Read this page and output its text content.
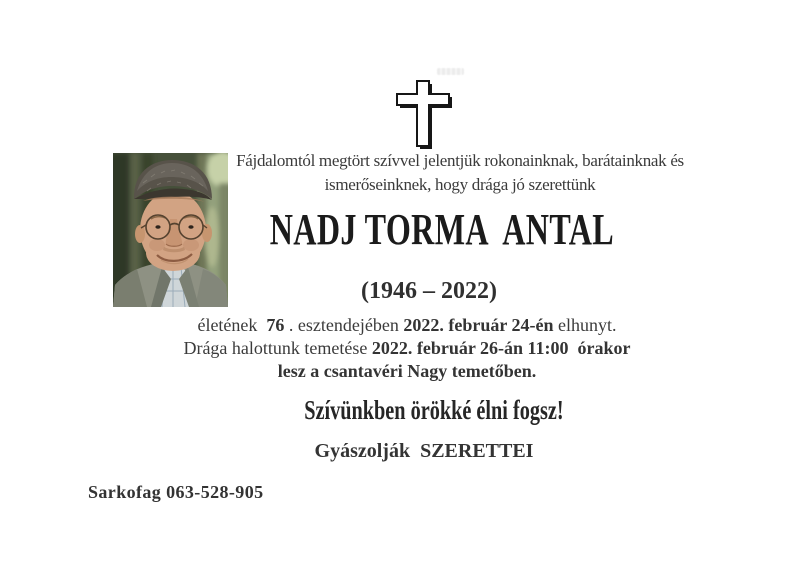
Fájdalomtól megtört szívvel jelentjük rokonainknak, barátainknak és
ismerőseinknek, hogy drága jó szerettünk
NADJ TORMA  ANTAL
(1946 – 2022)
életének  76 . esztendejében 2022. február 24-én elhunyt.
Drága halottunk temetése 2022. február 26-án 11:00  órakor
lesz a csantavéri Nagy temetőben.
Szívünkben örökké élni fogsz!
Gyászolják  SZERETTEI
Sarkofag 063-528-905
